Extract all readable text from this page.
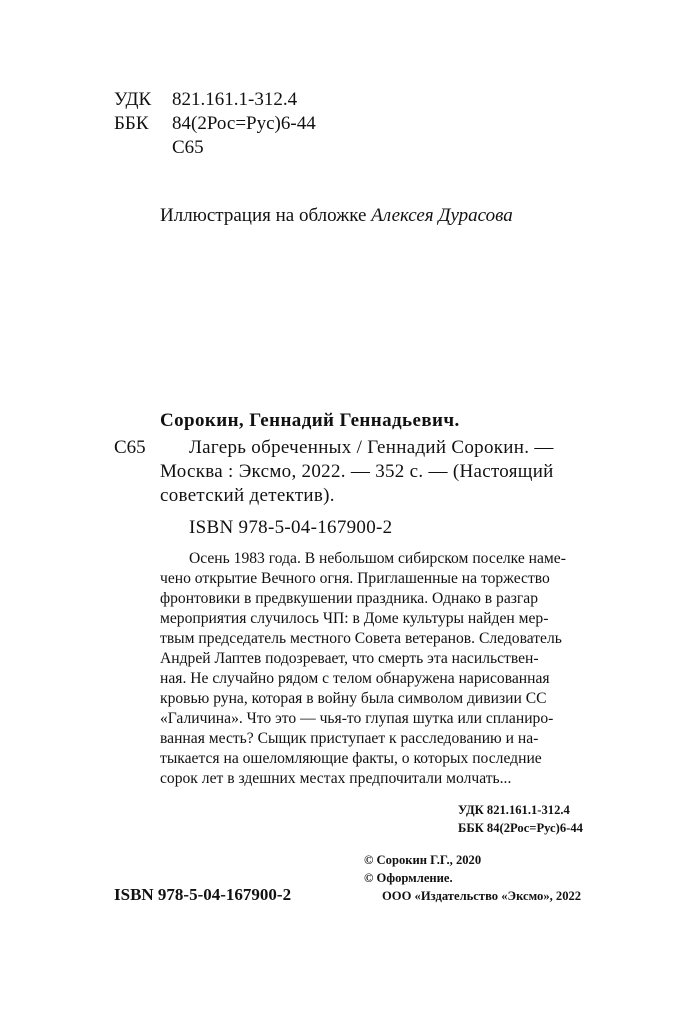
УДК 821.161.1-312.4
ББК 84(2Рос=Рус)6-44
С65
Иллюстрация на обложке Алексея Дурасова
Сорокин, Геннадий Геннадьевич.
С65 Лагерь обреченных / Геннадий Сорокин. —
Москва : Эксмо, 2022. — 352 с. — (Настоящий
советский детектив).
ISBN 978-5-04-167900-2
Осень 1983 года. В небольшом сибирском поселке наме-
чено открытие Вечного огня. Приглашенные на торжество
фронтовики в предвкушении праздника. Однако в разгар
мероприятия случилось ЧП: в Доме культуры найден мер-
твым председатель местного Совета ветеранов. Следователь
Андрей Лаптев подозревает, что смерть эта насильствен-
ная. Не случайно рядом с телом обнаружена нарисованная
кровью руна, которая в войну была символом дивизии СС
«Галичина». Что это — чья-то глупая шутка или спланиро-
ванная месть? Сыщик приступает к расследованию и на-
тыкается на ошеломляющие факты, о которых последние
сорок лет в здешних местах предпочитали молчать...
УДК 821.161.1-312.4
ББК 84(2Рос=Рус)6-44
© Сорокин Г.Г., 2020
© Оформление.
ООО «Издательство «Эксмо», 2022
ISBN 978-5-04-167900-2
